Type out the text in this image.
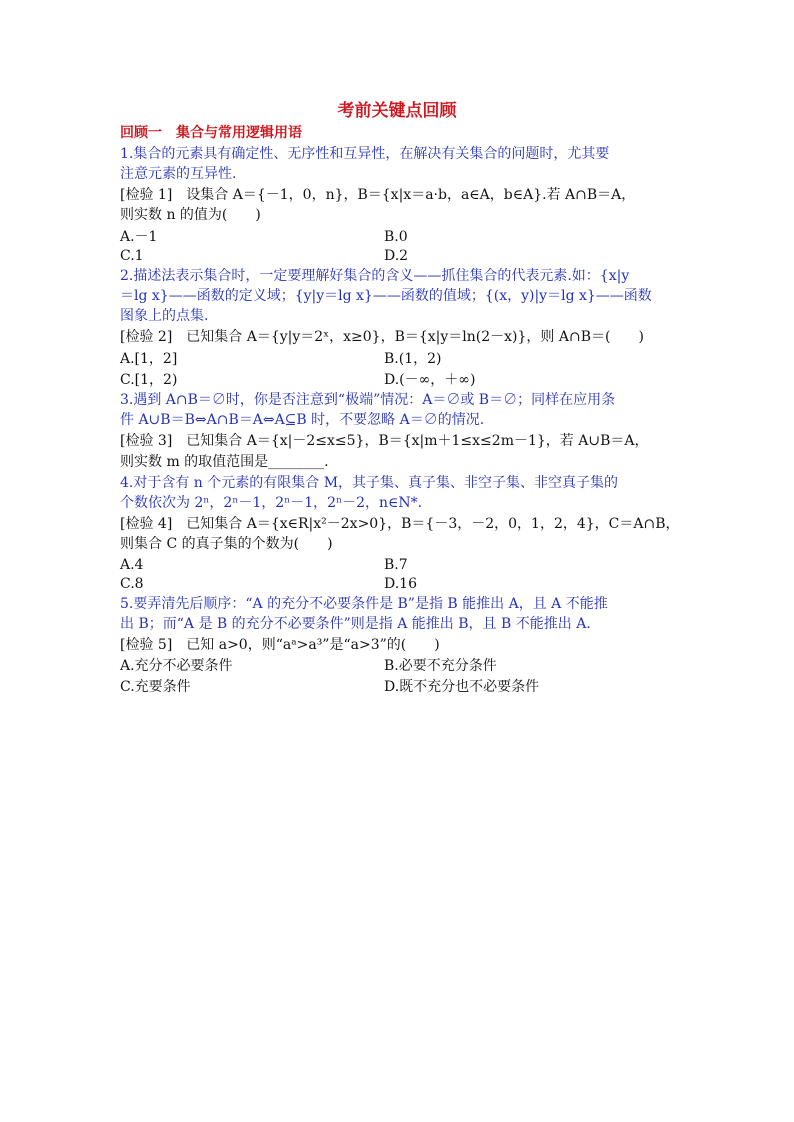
考前关键点回顾
回顾一　集合与常用逻辑用语
1.集合的元素具有确定性、无序性和互异性，在解决有关集合的问题时，尤其要
注意元素的互异性.
[检验 1]　设集合 A＝{－1，0，n}，B＝{x|x＝a·b，a∈A，b∈A}.若 A∩B＝A，
则实数 n 的值为(　　)
A.－1	B.0
C.1	D.2
2.描述法表示集合时，一定要理解好集合的含义——抓住集合的代表元素.如：{x|y
＝lg x}——函数的定义域；{y|y＝lg x}——函数的值域；{(x，y)|y＝lg x}——函数
图象上的点集.
[检验 2]　已知集合 A＝{y|y＝2ˣ，x≥0}，B＝{x|y＝ln(2－x)}，则 A∩B＝(　　)
A.[1，2]	B.(1，2)
C.[1，2)	D.(－∞，＋∞)
3.遇到 A∩B＝∅时，你是否注意到“极端”情况：A＝∅或 B＝∅；同样在应用条
件 A∪B＝B⇔A∩B＝A⇔A⊆B 时，不要忽略 A＝∅的情况.
[检验 3]　已知集合 A＝{x|－2≤x≤5}，B＝{x|m＋1≤x≤2m－1}，若 A∪B＝A，
则实数 m 的取值范围是________.
4.对于含有 n 个元素的有限集合 M，其子集、真子集、非空子集、非空真子集的
个数依次为 2ⁿ，2ⁿ－1，2ⁿ－1，2ⁿ－2，n∈N*.
[检验 4]　已知集合 A＝{x∈R|x²－2x>0}，B＝{－3，－2，0，1，2，4}，C＝A∩B，
则集合 C 的真子集的个数为(　　)
A.4	B.7
C.8	D.16
5.要弄清先后顺序：“A 的充分不必要条件是 B”是指 B 能推出 A，且 A 不能推
出 B；而“A 是 B 的充分不必要条件”则是指 A 能推出 B，且 B 不能推出 A.
[检验 5]　已知 a>0，则“aᵃ>a³”是“a>3”的(　　)
A.充分不必要条件	B.必要不充分条件
C.充要条件	D.既不充分也不必要条件
